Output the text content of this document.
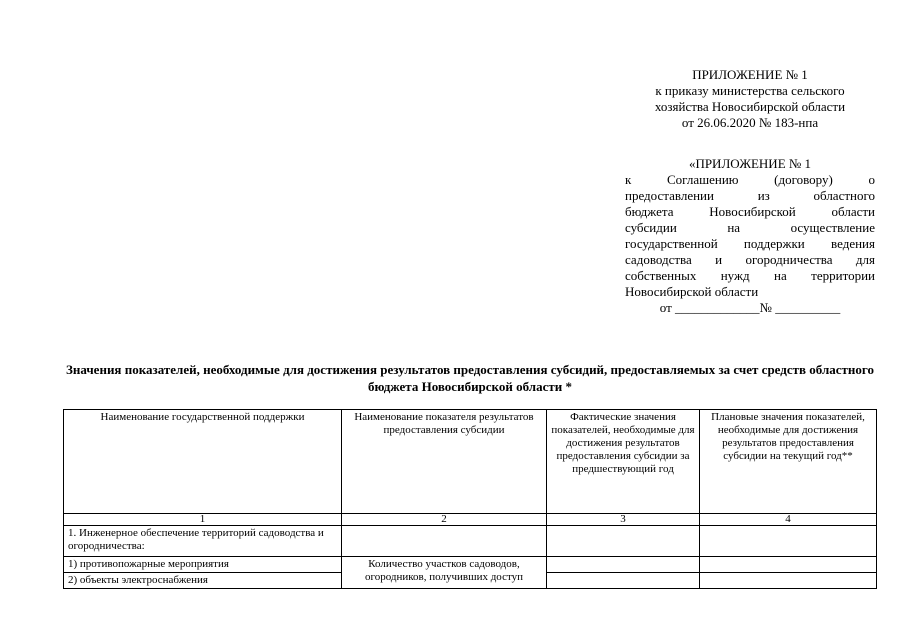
ПРИЛОЖЕНИЕ № 1
к приказу министерства сельского
хозяйства Новосибирской области
от 26.06.2020 № 183-нпа
«ПРИЛОЖЕНИЕ № 1
к Соглашению (договору) о
предоставлении из областного
бюджета Новосибирской области
субсидии на осуществление
государственной поддержки ведения
садоводства и огородничества для
собственных нужд на территории
Новосибирской области
от _____________№ __________
Значения показателей, необходимые для достижения результатов предоставления субсидий, предоставляемых за счет средств областного бюджета Новосибирской области *
Наименование государственной поддержки	Наименование показателя результатов предоставления субсидии	Фактические значения показателей, необходимые для достижения результатов предоставления субсидии за предшествующий год	Плановые значения показателей, необходимые для достижения результатов предоставления субсидии на текущий год**
1	2	3	4
1. Инженерное обеспечение территорий садоводства и огородничества:			
1) противопожарные мероприятия	Количество участков садоводов, огородников, получивших доступ		
2) объекты электроснабжения			
